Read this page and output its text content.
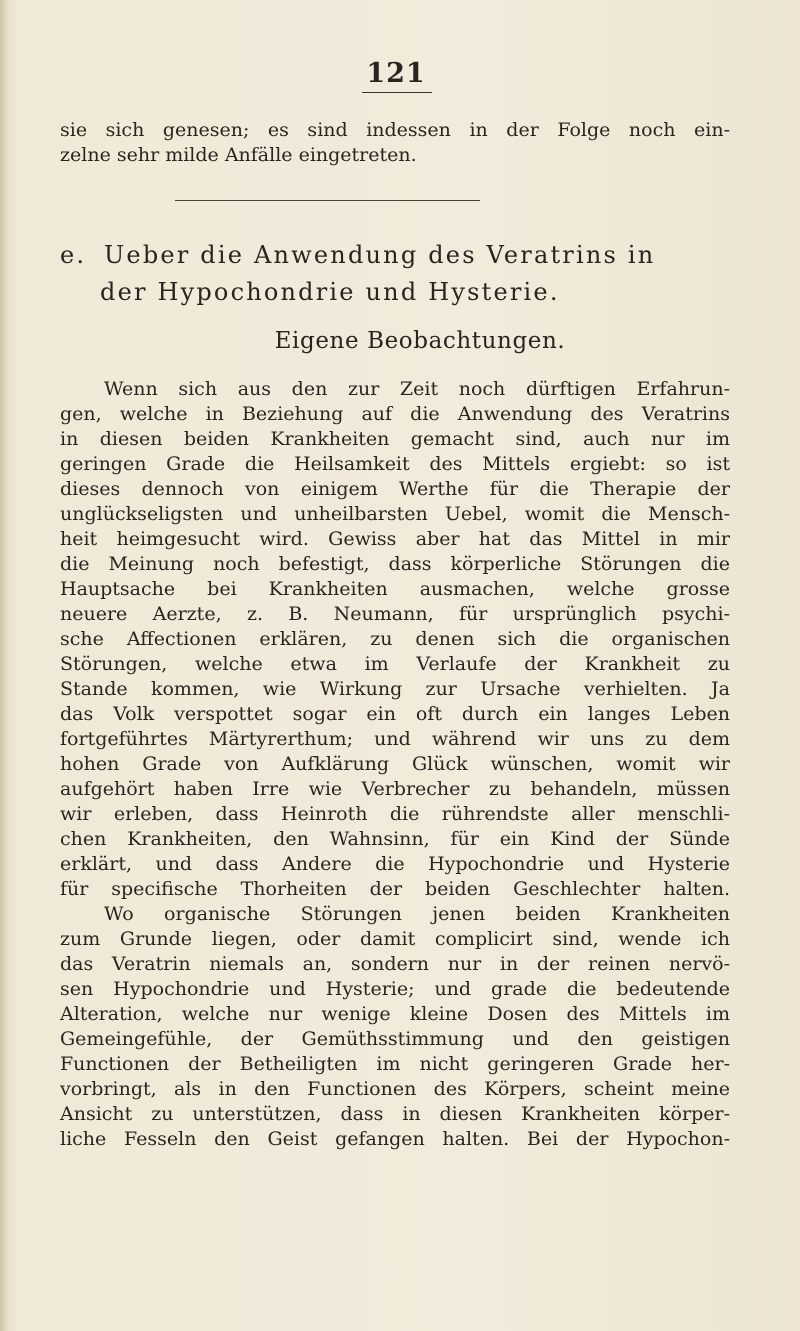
121
sie sich genesen; es sind indessen in der Folge noch ein-
zelne sehr milde Anfälle eingetreten.
e. Ueber die Anwendung des Veratrins in
der Hypochondrie und Hysterie.
Eigene Beobachtungen.
Wenn sich aus den zur Zeit noch dürftigen Erfahrun-
gen, welche in Beziehung auf die Anwendung des Veratrins
in diesen beiden Krankheiten gemacht sind, auch nur im
geringen Grade die Heilsamkeit des Mittels ergiebt: so ist
dieses dennoch von einigem Werthe für die Therapie der
unglückseligsten und unheilbarsten Uebel, womit die Mensch-
heit heimgesucht wird. Gewiss aber hat das Mittel in mir
die Meinung noch befestigt, dass körperliche Störungen die
Hauptsache bei Krankheiten ausmachen, welche grosse
neuere Aerzte, z. B. Neumann, für ursprünglich psychi-
sche Affectionen erklären, zu denen sich die organischen
Störungen, welche etwa im Verlaufe der Krankheit zu
Stande kommen, wie Wirkung zur Ursache verhielten. Ja
das Volk verspottet sogar ein oft durch ein langes Leben
fortgeführtes Märtyrerthum; und während wir uns zu dem
hohen Grade von Aufklärung Glück wünschen, womit wir
aufgehört haben Irre wie Verbrecher zu behandeln, müssen
wir erleben, dass Heinroth die rührendste aller menschli-
chen Krankheiten, den Wahnsinn, für ein Kind der Sünde
erklärt, und dass Andere die Hypochondrie und Hysterie
für specifische Thorheiten der beiden Geschlechter halten.
Wo organische Störungen jenen beiden Krankheiten
zum Grunde liegen, oder damit complicirt sind, wende ich
das Veratrin niemals an, sondern nur in der reinen nervö-
sen Hypochondrie und Hysterie; und grade die bedeutende
Alteration, welche nur wenige kleine Dosen des Mittels im
Gemeingefühle, der Gemüthsstimmung und den geistigen
Functionen der Betheiligten im nicht geringeren Grade her-
vorbringt, als in den Functionen des Körpers, scheint meine
Ansicht zu unterstützen, dass in diesen Krankheiten körper-
liche Fesseln den Geist gefangen halten. Bei der Hypochon-
